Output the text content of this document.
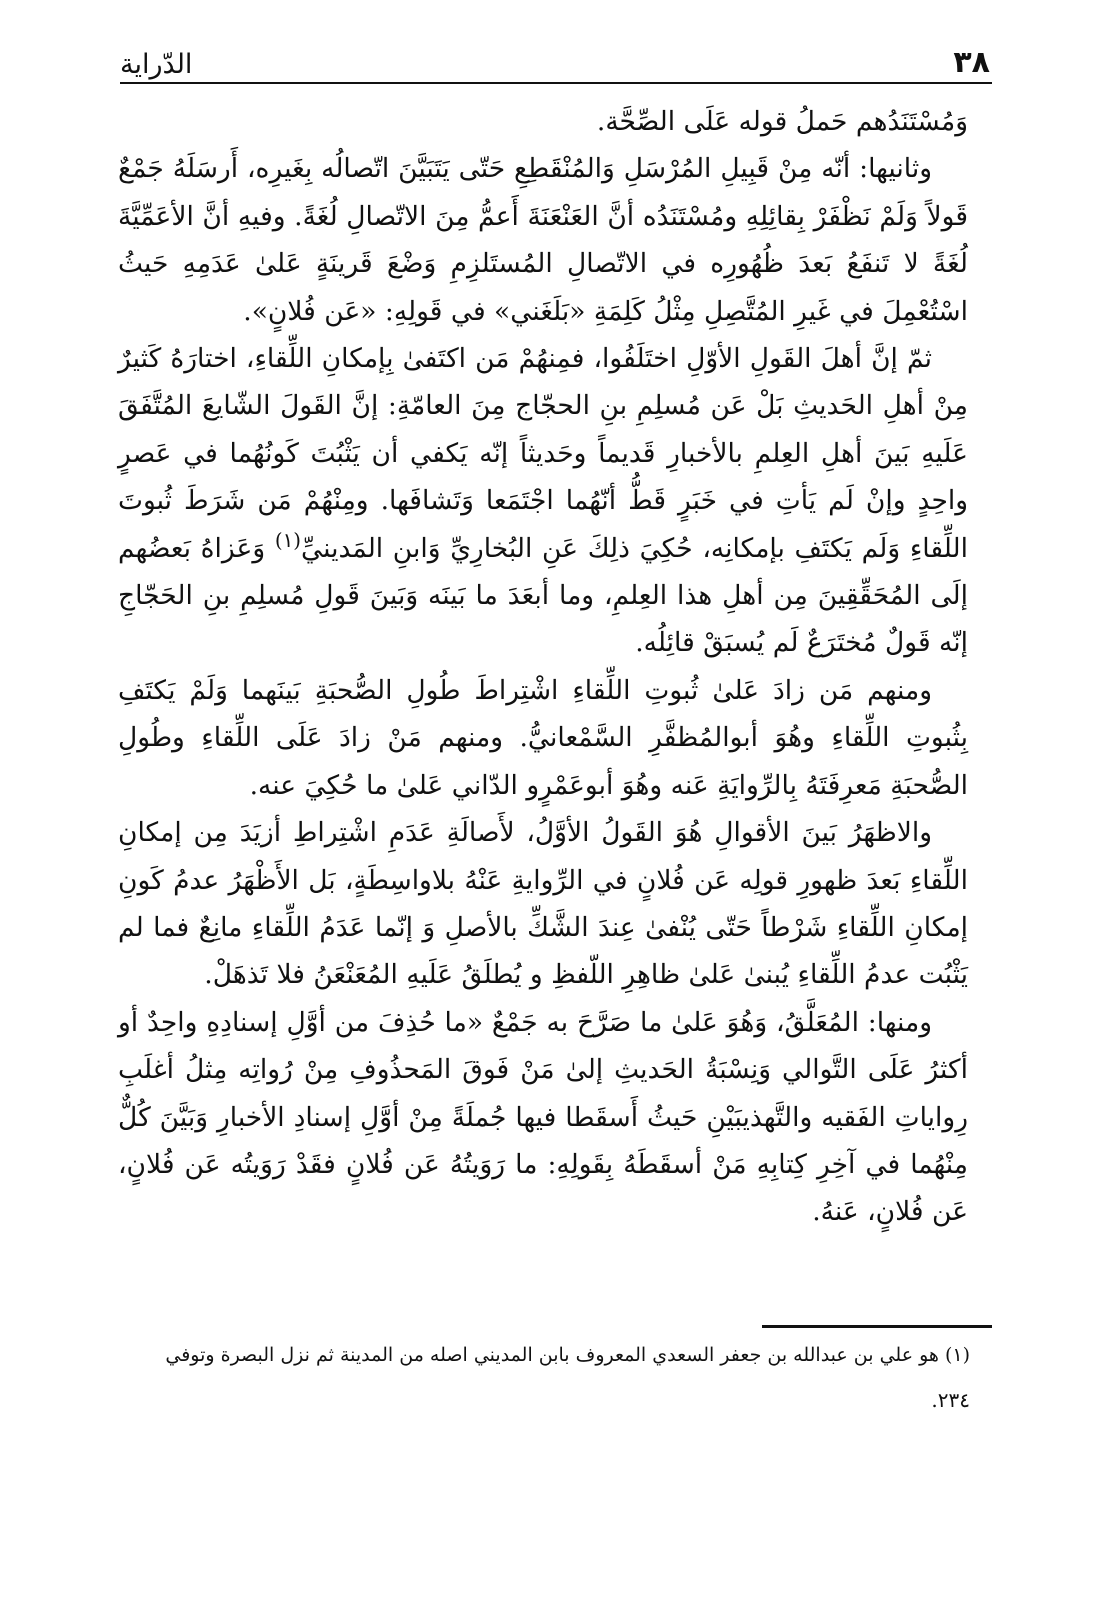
٣٨
الدّراية

وَمُسْتَنَدُهم حَملُ قوله عَلَى الصِّحَّة.

وثانيها: أنّه مِنْ قَبِيلِ المُرْسَلِ وَالمُنْقَطِعِ حَتّى يَتَبَيَّنَ اتّصالُه بِغَيرِه، أَرسَلَهُ جَمْعٌ قَولاً وَلَمْ نَظْفَرْ بِقائِلِهِ ومُسْتَنَدُه أنَّ العَنْعَنَةَ أَعمُّ مِنَ الاتّصالِ لُغَةً. وفيهِ أنَّ الأعَمِّيَّةَ لُغَةً لا تَنفَعُ بَعدَ ظُهُورِه في الاتّصالِ المُستَلزِمِ وَضْعَ قَرينَةٍ عَلىٰ عَدَمِهِ حَيثُ اسْتُعْمِلَ في غَيرِ المُتَّصِلِ مِثْلُ كَلِمَةِ «بَلَغَني» في قَولِهِ: «عَن فُلانٍ».

ثمّ إنَّ أهلَ القَولِ الأوّلِ اختَلَفُوا، فمِنهُمْ مَن اكتَفىٰ بِإمكانِ اللِّقاءِ، اختارَهُ كَثيرٌ مِنْ أهلِ الحَديثِ بَلْ عَن مُسلِمِ بنِ الحجّاج مِنَ العامّةِ: إنَّ القَولَ الشّايعَ المُتَّفَقَ عَلَيهِ بَينَ أهلِ العِلمِ بالأخبارِ قَديماً وحَديثاً إنّه يَكفي أن يَثْبُتَ كَونُهُما في عَصرٍ واحِدٍ وإنْ لَم يَأتِ في خَبَرٍ قَطُّ أنّهُما اجْتَمَعا وَتَشافَها. ومِنْهُمْ مَن شَرَطَ ثُبوتَ اللِّقاءِ وَلَم يَكتَفِ بإمكانِه، حُكِيَ ذلِكَ عَنِ البُخارِيِّ وَابنِ المَدينيِّ$^{(١)}$ وَعَزاهُ بَعضُهم إلَى المُحَقِّقِينَ مِن أهلِ هذا العِلمِ، وما أبعَدَ ما بَينَه وَبَينَ قَولِ مُسلِمِ بنِ الحَجّاجِ إنّه قَولٌ مُختَرَعٌ لَم يُسبَقْ قائِلُه.

ومنهم مَن زادَ عَلىٰ ثُبوتِ اللِّقاءِ اشْتِراطَ طُولِ الصُّحبَةِ بَينَهما وَلَمْ يَكتَفِ بِثُبوتِ اللِّقاءِ وهُوَ أبوالمُظفَّرِ السَّمْعانيُّ. ومنهم مَنْ زادَ عَلَى اللِّقاءِ وطُولِ الصُّحبَةِ مَعرِفَتَهُ بِالرِّوايَةِ عَنه وهُوَ أبوعَمْرٍو الدّاني عَلىٰ ما حُكِيَ عنه.

والاظهَرُ بَينَ الأقوالِ هُوَ القَولُ الأوَّلُ، لأَصالَةِ عَدَمِ اشْتِراطِ أزيَدَ مِن إمكانِ اللِّقاءِ بَعدَ ظهورِ قولِه عَن فُلانٍ في الرِّوايةِ عَنْهُ بلاواسِطَةٍ، بَل الأَظْهَرُ عدمُ كَونِ إمكانِ اللِّقاءِ شَرْطاً حَتّى يُنْفىٰ عِندَ الشَّكِّ بالأصلِ وَ إنّما عَدَمُ اللِّقاءِ مانِعٌ فما لم يَثْبُت عدمُ اللِّقاءِ يُبنىٰ عَلىٰ ظاهِرِ اللّفظِ و يُطلَقُ عَلَيهِ المُعَنْعَنُ فلا تَذهَلْ.

ومنها: المُعَلَّقُ، وَهُوَ عَلىٰ ما صَرَّحَ به جَمْعٌ «ما حُذِفَ من أوَّلِ إسنادِهِ واحِدٌ أو أكثرُ عَلَى التَّوالي وَنِسْبَةُ الحَديثِ إلىٰ مَنْ فَوقَ المَحذُوفِ مِنْ رُواتِه مِثلُ أغلَبِ رِواياتِ الفَقيه والتَّهذيبَيْنِ حَيثُ أَسقَطا فيها جُملَةً مِنْ أوَّلِ إسنادِ الأخبارِ وَبَيَّنَ كُلٌّ مِنْهُما في آخِرِ كِتابِهِ مَنْ أسقَطَهُ بِقَولِهِ: ما رَوَيتُهُ عَن فُلانٍ فقَدْ رَوَيتُه عَن فُلانٍ، عَن فُلانٍ، عَنهُ.

(١) هو علي بن عبدالله بن جعفر السعدي المعروف بابن المديني اصله من المدينة ثم نزل البصرة وتوفي
٢٣٤.
